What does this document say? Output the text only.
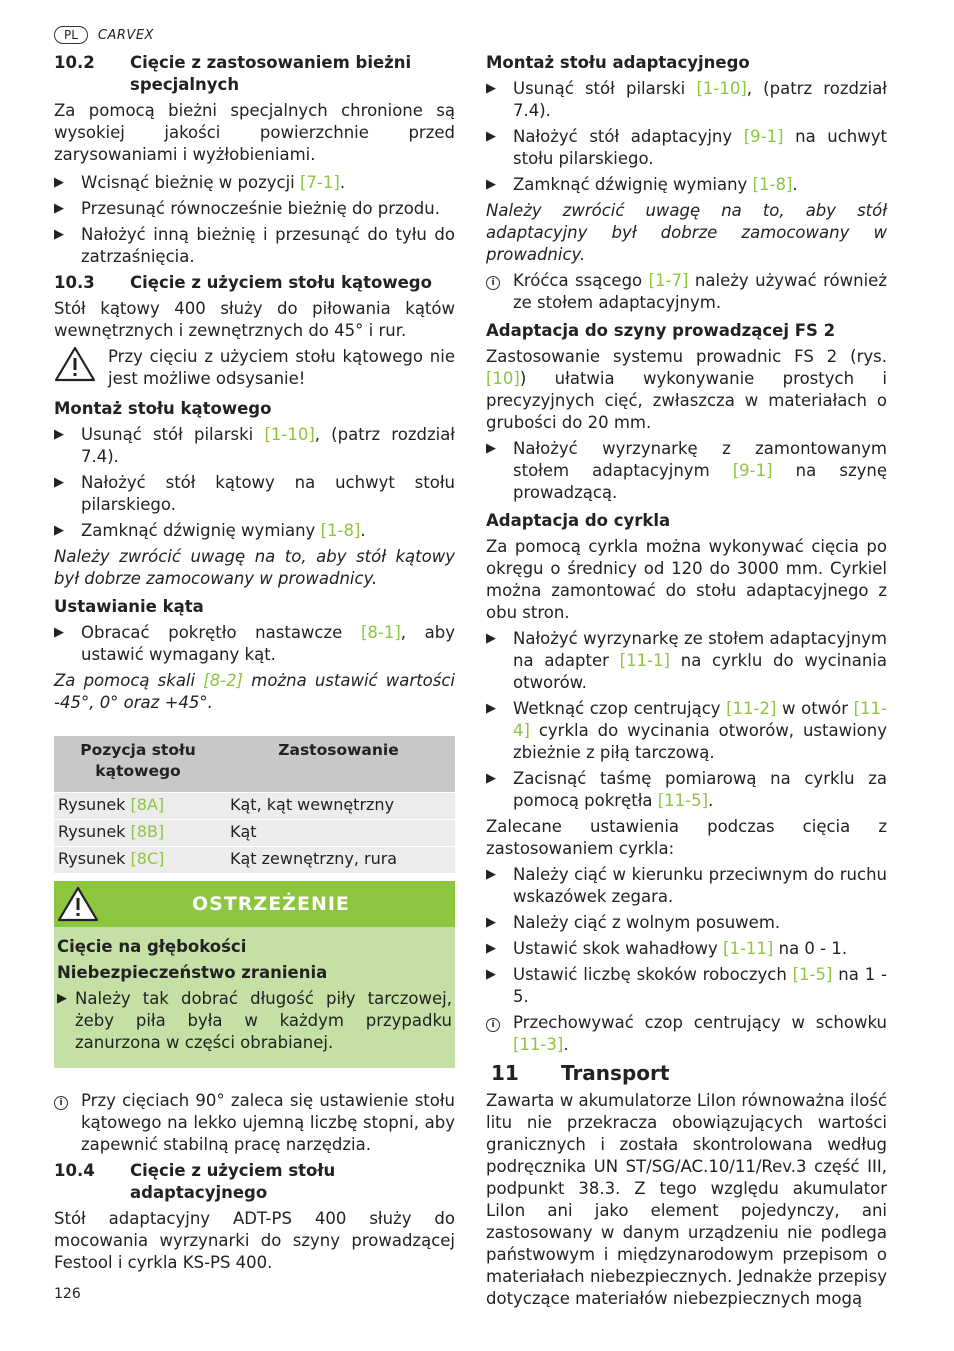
PL	CARVEX
10.2	Cięcie z zastosowaniem bieżni specjalnych

Za pomocą bieżni specjalnych chronione są wysokiej jakości powierzchnie przed zarysowaniami i wyżłobieniami.

▶	Wcisnąć bieżnię w pozycji [7-1].
▶	Przesunąć równocześnie bieżnię do przodu.
▶	Nałożyć inną bieżnię i przesunąć do tyłu do zatrzaśnięcia.
10.3	Cięcie z użyciem stołu kątowego

Stół kątowy 400 służy do piłowania kątów wewnętrznych i zewnętrznych do 45° i rur.

Przy cięciu z użyciem stołu kątowego nie jest możliwe odsysanie!
Montaż stołu kątowego
▶	Usunąć stół pilarski [1-10], (patrz rozdział 7.4).
▶	Nałożyć stół kątowy na uchwyt stołu pilarskiego.
▶	Zamknąć dźwignię wymiany [1-8].

Należy zwrócić uwagę na to, aby stół kątowy był dobrze zamocowany w prowadnicy.

Ustawianie kąta
▶	Obracać pokrętło nastawcze [8-1], aby ustawić wymagany kąt.

Za pomocą skali [8-2] można ustawić wartości -45°, 0° oraz +45°.

Pozycja stołu kątowego	Zastosowanie
Rysunek [8A]	Kąt, kąt wewnętrzny
Rysunek [8B]	Kąt
Rysunek [8C]	Kąt zewnętrzny, rura
OSTRZEŻENIE
Cięcie na głębokości
Niebezpieczeństwo zranienia
▶ Należy tak dobrać długość piły tarczowej, żeby piła była w każdym przypadku zanurzona w części obrabianej.
i	Przy cięciach 90° zaleca się ustawienie stołu kątowego na lekko ujemną liczbę stopni, aby zapewnić stabilną pracę narzędzia.
10.4	Cięcie z użyciem stołu adaptacyjnego

Stół adaptacyjny ADT-PS 400 służy do mocowania wyrzynarki do szyny prowadzącej Festool i cyrkla KS-PS 400.

Montaż stołu adaptacyjnego
▶	Usunąć stół pilarski [1-10], (patrz rozdział 7.4).
▶	Nałożyć stół adaptacyjny [9-1] na uchwyt stołu pilarskiego.
▶	Zamknąć dźwignię wymiany [1-8].

Należy zwrócić uwagę na to, aby stół adaptacyjny był dobrze zamocowany w prowadnicy.

i	Króćca ssącego [1-7] należy używać również ze stołem adaptacyjnym.
Adaptacja do szyny prowadzącej FS 2

Zastosowanie systemu prowadnic FS 2 (rys. [10]) ułatwia wykonywanie prostych i precyzyjnych cięć, zwłaszcza w materiałach o grubości do 20 mm.

▶	Nałożyć wyrzynarkę z zamontowanym stołem adaptacyjnym [9-1] na szynę prowadzącą.
Adaptacja do cyrkla

Za pomocą cyrkla można wykonywać cięcia po okręgu o średnicy od 120 do 3000 mm. Cyrkiel można zamontować do stołu adaptacyjnego z obu stron.

▶	Nałożyć wyrzynarkę ze stołem adaptacyjnym na adapter [11-1] na cyrklu do wycinania otworów.
▶	Wetknąć czop centrujący [11-2] w otwór [11-4] cyrkla do wycinania otworów, ustawiony zbieżnie z piłą tarczową.
▶	Zacisnąć taśmę pomiarową na cyrklu za pomocą pokrętła [11-5].

Zalecane ustawienia podczas cięcia z zastosowaniem cyrkla:

▶	Należy ciąć w kierunku przeciwnym do ruchu wskazówek zegara.
▶	Należy ciąć z wolnym posuwem.
▶	Ustawić skok wahadłowy [1-11] na 0 - 1.
▶	Ustawić liczbę skoków roboczych [1-5] na 1 - 5.
i	Przechowywać czop centrujący w schowku [11-3].
11	Transport

Zawarta w akumulatorze LiIon równoważna ilość litu nie przekracza obowiązujących wartości granicznych i została skontrolowana według podręcznika UN ST/SG/AC.10/11/Rev.3 część III, podpunkt 38.3. Z tego względu akumulator LiIon ani jako element pojedynczy, ani zastosowany w danym urządzeniu nie podlega państwowym i międzynarodowym przepisom o materiałach niebezpiecznych. Jednakże przepisy dotyczące materiałów niebezpiecznych mogą

126
